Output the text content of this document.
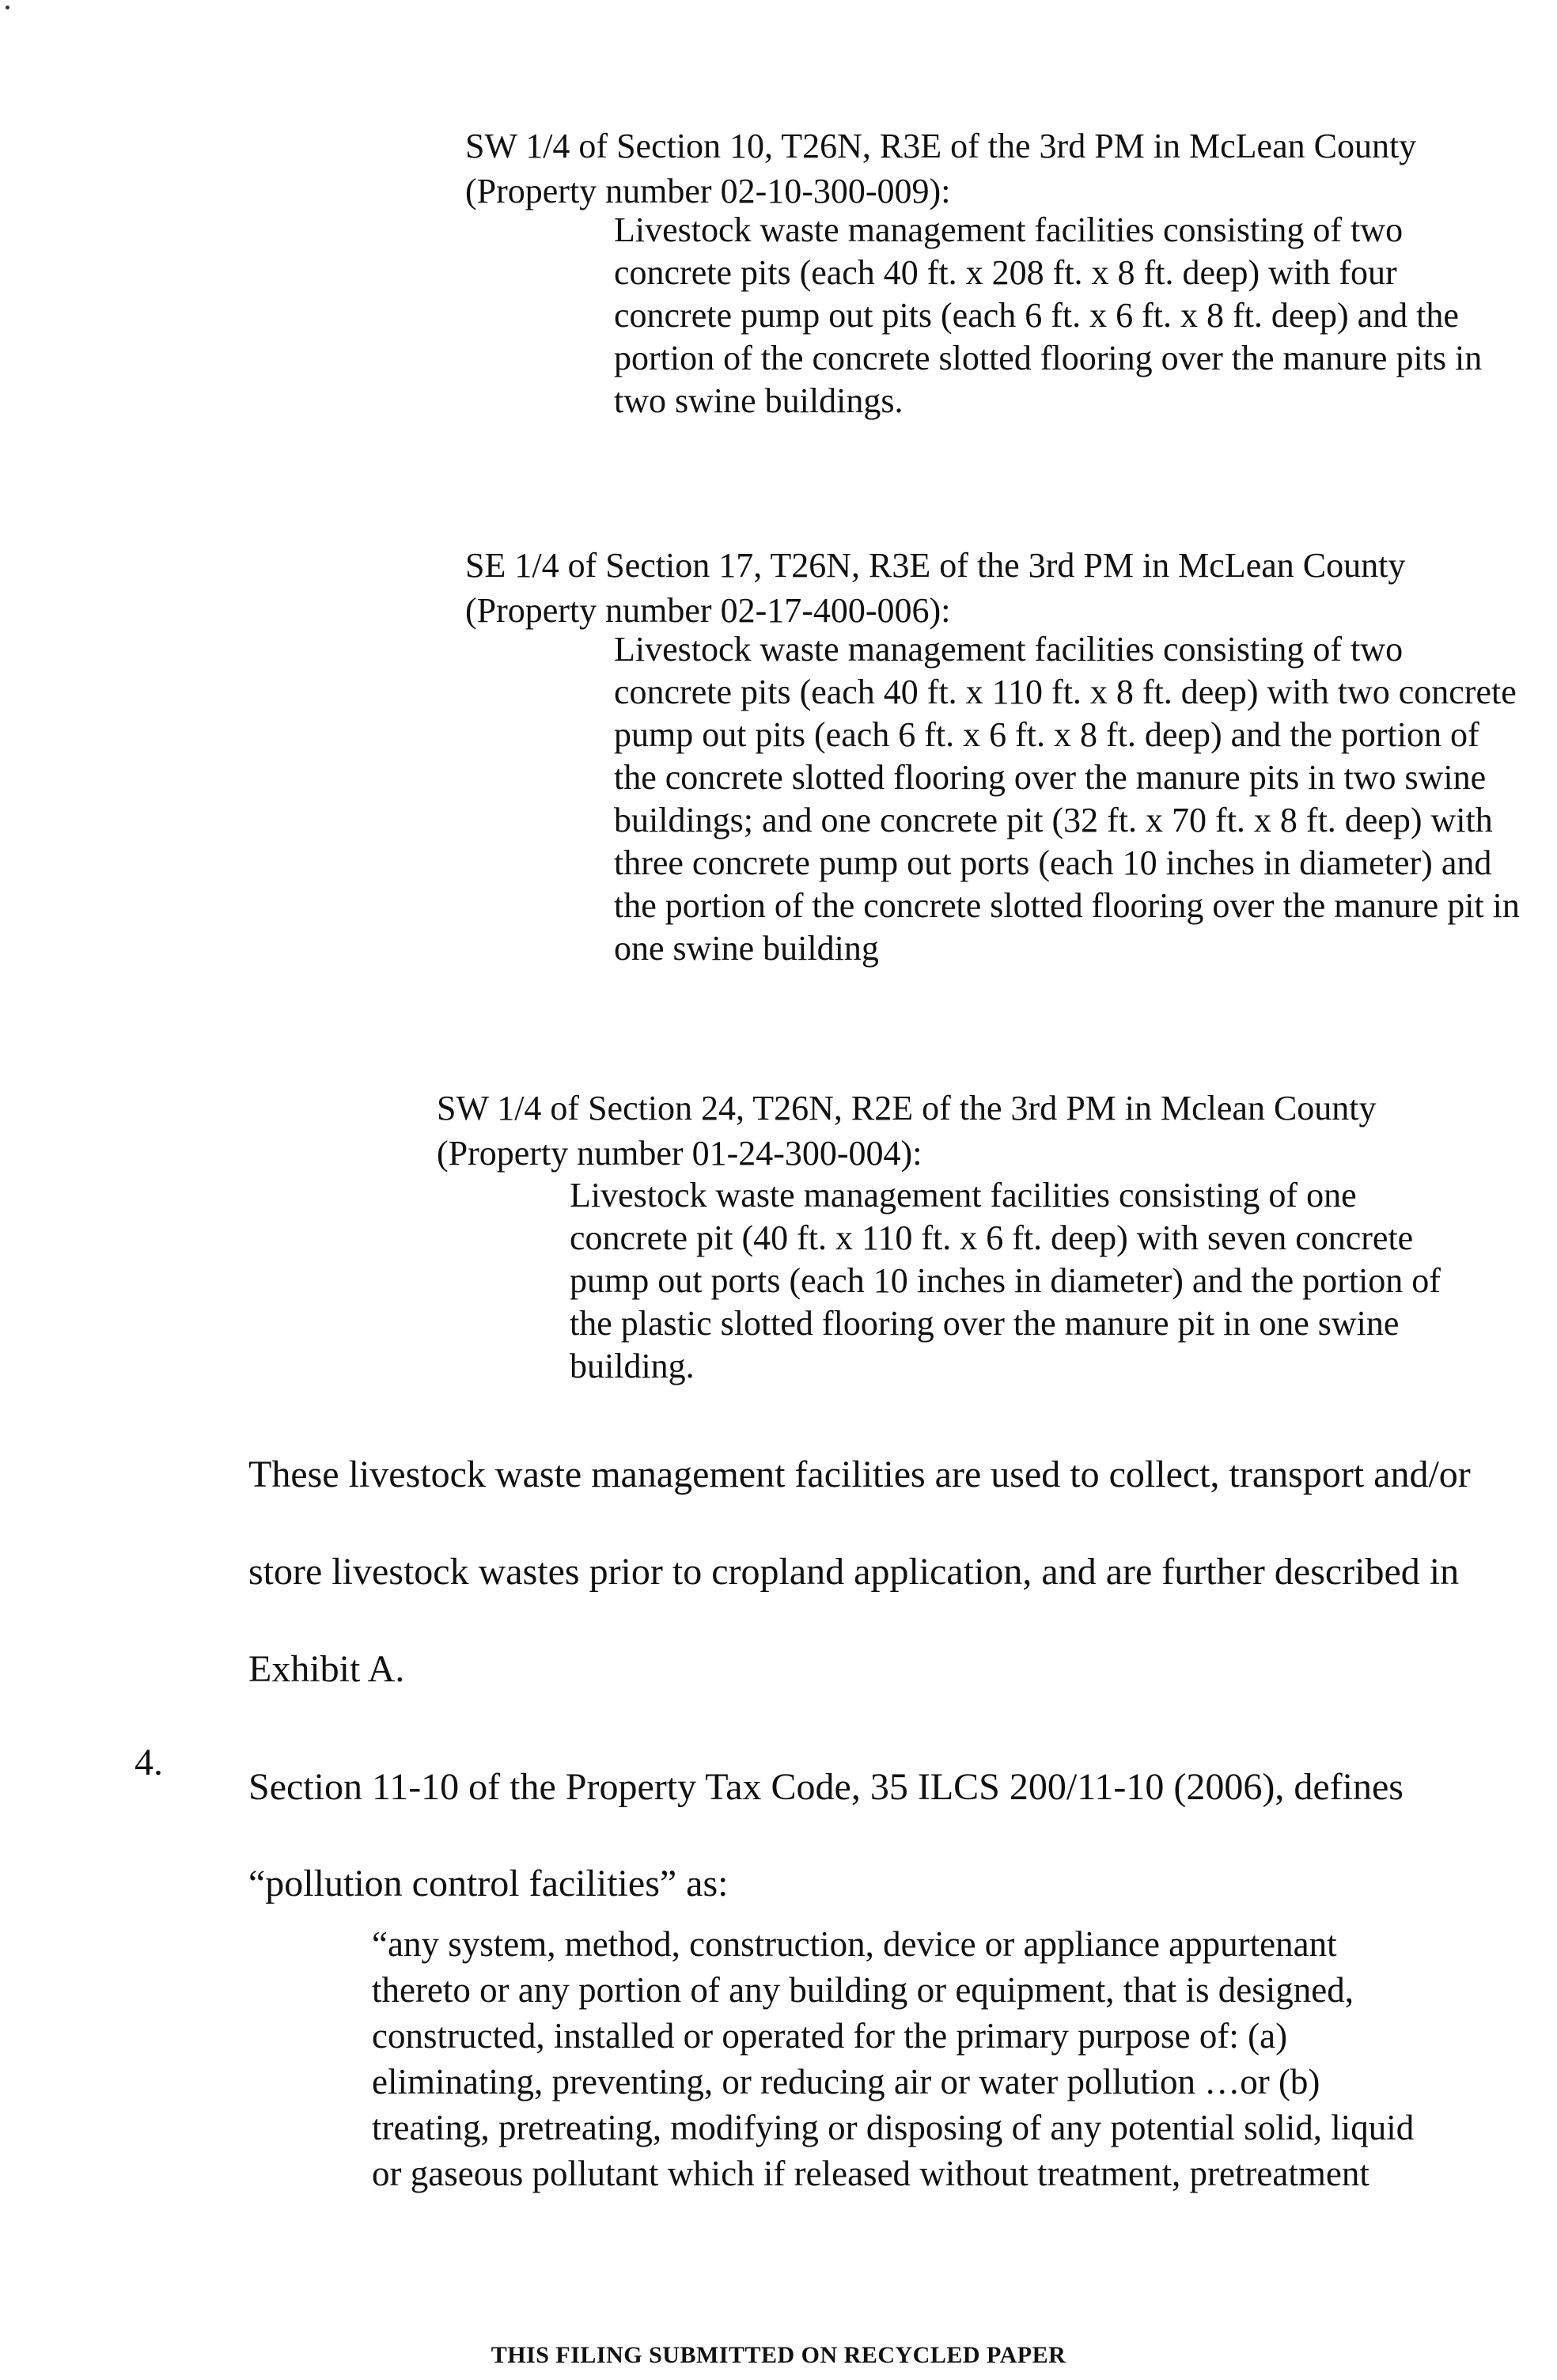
SW 1/4 of Section 10, T26N, R3E of the 3rd PM in McLean County
(Property number 02-10-300-009):
Livestock waste management facilities consisting of two
concrete pits (each 40 ft. x 208 ft. x 8 ft. deep) with four
concrete pump out pits (each 6 ft. x 6 ft. x 8 ft. deep) and the
portion of the concrete slotted flooring over the manure pits in
two swine buildings.
SE 1/4 of Section 17, T26N, R3E of the 3rd PM in McLean County
(Property number 02-17-400-006):
Livestock waste management facilities consisting of two
concrete pits (each 40 ft. x 110 ft. x 8 ft. deep) with two concrete
pump out pits (each 6 ft. x 6 ft. x 8 ft. deep) and the portion of
the concrete slotted flooring over the manure pits in two swine
buildings; and one concrete pit (32 ft. x 70 ft. x 8 ft. deep) with
three concrete pump out ports (each 10 inches in diameter) and
the portion of the concrete slotted flooring over the manure pit in
one swine building
SW 1/4 of Section 24, T26N, R2E of the 3rd PM in Mclean County
(Property number 01-24-300-004):
Livestock waste management facilities consisting of one
concrete pit (40 ft. x 110 ft. x 6 ft. deep) with seven concrete
pump out ports (each 10 inches in diameter) and the portion of
the plastic slotted flooring over the manure pit in one swine
building.
These livestock waste management facilities are used to collect, transport and/or
store livestock wastes prior to cropland application, and are further described in
Exhibit A.
4.
Section 11-10 of the Property Tax Code, 35 ILCS 200/11-10 (2006), defines
“pollution control facilities” as:
“any system, method, construction, device or appliance appurtenant
thereto or any portion of any building or equipment, that is designed,
constructed, installed or operated for the primary purpose of: (a)
eliminating, preventing, or reducing air or water pollution …or (b)
treating, pretreating, modifying or disposing of any potential solid, liquid
or gaseous pollutant which if released without treatment, pretreatment
THIS FILING SUBMITTED ON RECYCLED PAPER
